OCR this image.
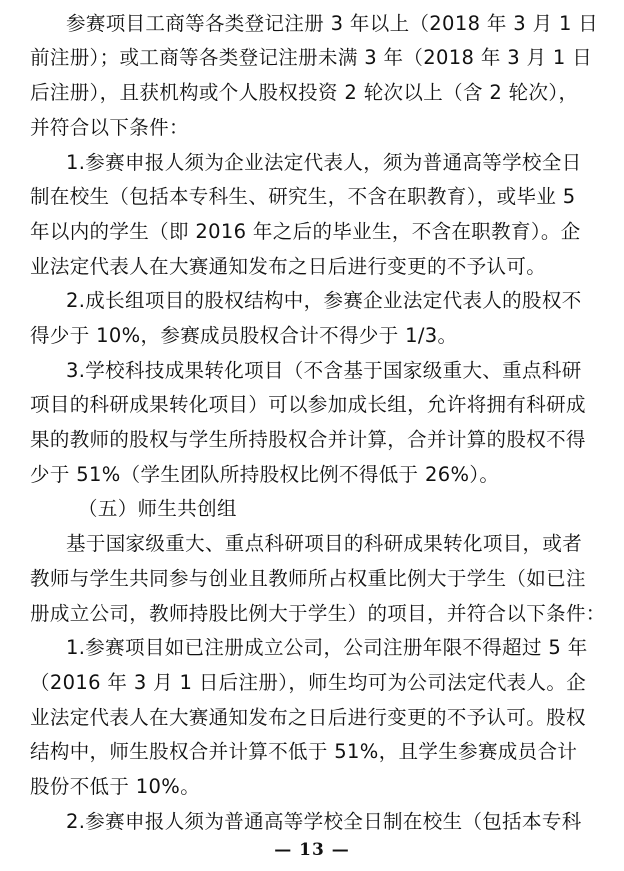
参赛项目工商等各类登记注册 3 年以上（2018 年 3 月 1 日
前注册）；或工商等各类登记注册未满 3 年（2018 年 3 月 1 日
后注册），且获机构或个人股权投资 2 轮次以上（含 2 轮次），
并符合以下条件：
1.参赛申报人须为企业法定代表人，须为普通高等学校全日
制在校生（包括本专科生、研究生，不含在职教育），或毕业 5
年以内的学生（即 2016 年之后的毕业生，不含在职教育）。企
业法定代表人在大赛通知发布之日后进行变更的不予认可。
2.成长组项目的股权结构中，参赛企业法定代表人的股权不
得少于 10%，参赛成员股权合计不得少于 1/3。
3.学校科技成果转化项目（不含基于国家级重大、重点科研
项目的科研成果转化项目）可以参加成长组，允许将拥有科研成
果的教师的股权与学生所持股权合并计算，合并计算的股权不得
少于 51%（学生团队所持股权比例不得低于 26%）。
（五）师生共创组
基于国家级重大、重点科研项目的科研成果转化项目，或者
教师与学生共同参与创业且教师所占权重比例大于学生（如已注
册成立公司，教师持股比例大于学生）的项目，并符合以下条件：
1.参赛项目如已注册成立公司，公司注册年限不得超过 5 年
（2016 年 3 月 1 日后注册），师生均可为公司法定代表人。企
业法定代表人在大赛通知发布之日后进行变更的不予认可。股权
结构中，师生股权合并计算不低于 51%，且学生参赛成员合计
股份不低于 10%。
2.参赛申报人须为普通高等学校全日制在校生（包括本专科
— 13 —
